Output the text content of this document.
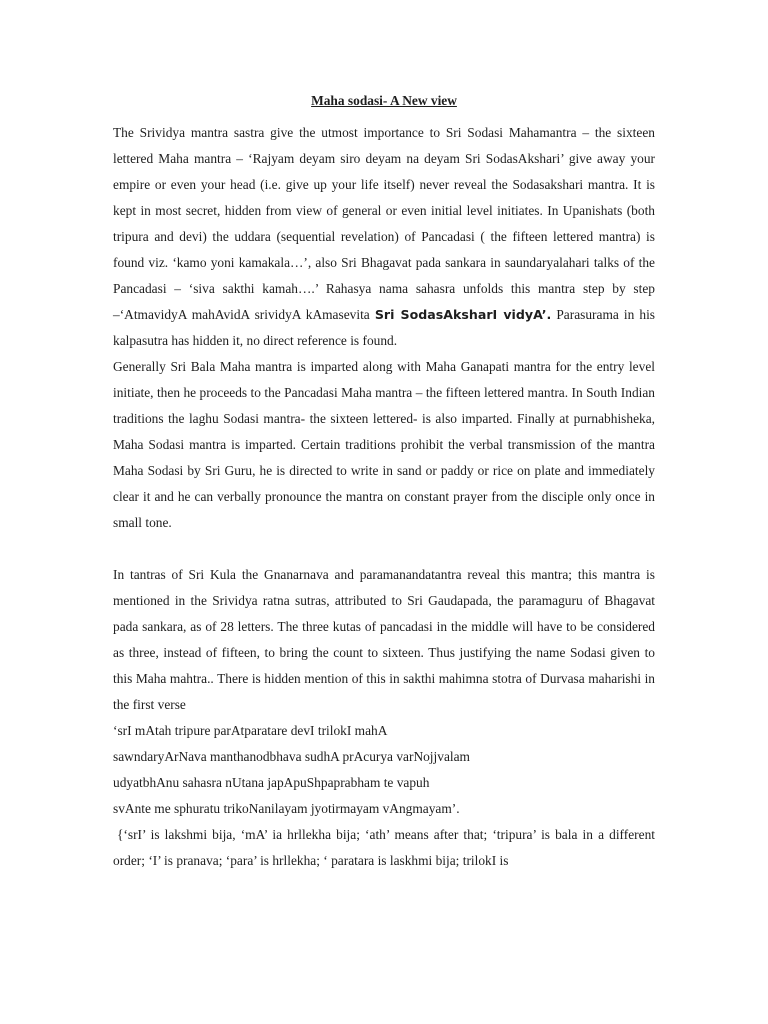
Maha sodasi- A New view

The Srividya mantra sastra give the utmost importance to Sri Sodasi Mahamantra – the sixteen lettered Maha mantra – ‘Rajyam deyam siro deyam na deyam Sri SodasAkshari’ give away your empire or even your head (i.e. give up your life itself) never reveal the Sodasakshari mantra. It is kept in most secret, hidden from view of general or even initial level initiates. In Upanishats (both tripura and devi) the uddara (sequential revelation) of Pancadasi ( the fifteen lettered mantra) is found viz. ‘kamo yoni kamakala…’, also Sri Bhagavat pada sankara in saundaryalahari talks of the Pancadasi – ‘siva sakthi kamah….’ Rahasya nama sahasra unfolds this mantra step by step –‘AtmavidyA mahAvidA srividyA kAmasevita Sri SodasAksharI vidyA’. Parasurama in his kalpasutra has hidden it, no direct reference is found.

Generally Sri Bala Maha mantra is imparted along with Maha Ganapati mantra for the entry level initiate, then he proceeds to the Pancadasi Maha mantra – the fifteen lettered mantra. In South Indian traditions the laghu Sodasi mantra- the sixteen lettered- is also imparted. Finally at purnabhisheka, Maha Sodasi mantra is imparted. Certain traditions prohibit the verbal transmission of the mantra Maha Sodasi by Sri Guru, he is directed to write in sand or paddy or rice on plate and immediately clear it and he can verbally pronounce the mantra on constant prayer from the disciple only once in small tone.

In tantras of Sri Kula the Gnanarnava and paramanandatantra reveal this mantra; this mantra is mentioned in the Srividya ratna sutras, attributed to Sri Gaudapada, the paramaguru of Bhagavat pada sankara, as of 28 letters. The three kutas of pancadasi in the middle will have to be considered as three, instead of fifteen, to bring the count to sixteen. Thus justifying the name Sodasi given to this Maha mahtra.. There is hidden mention of this in sakthi mahimna stotra of Durvasa maharishi in the first verse

‘srI mAtah tripure parAtparatare devI trilokI mahA
sawndaryArNava manthanodbhava sudhA prAcurya varNojjvalam
udyatbhAnu sahasra nUtana japApuShpaprabham te vapuh
svAnte me sphuratu trikoNanilayam jyotirmayam vAngmayam’.

{‘srI’ is lakshmi bija, ‘mA’ ia hrllekha bija; ‘ath’ means after that; ‘tripura’ is bala in a different order; ‘I’ is pranava; ‘para’ is hrllekha; ‘ paratara is laskhmi bija; trilokI is
